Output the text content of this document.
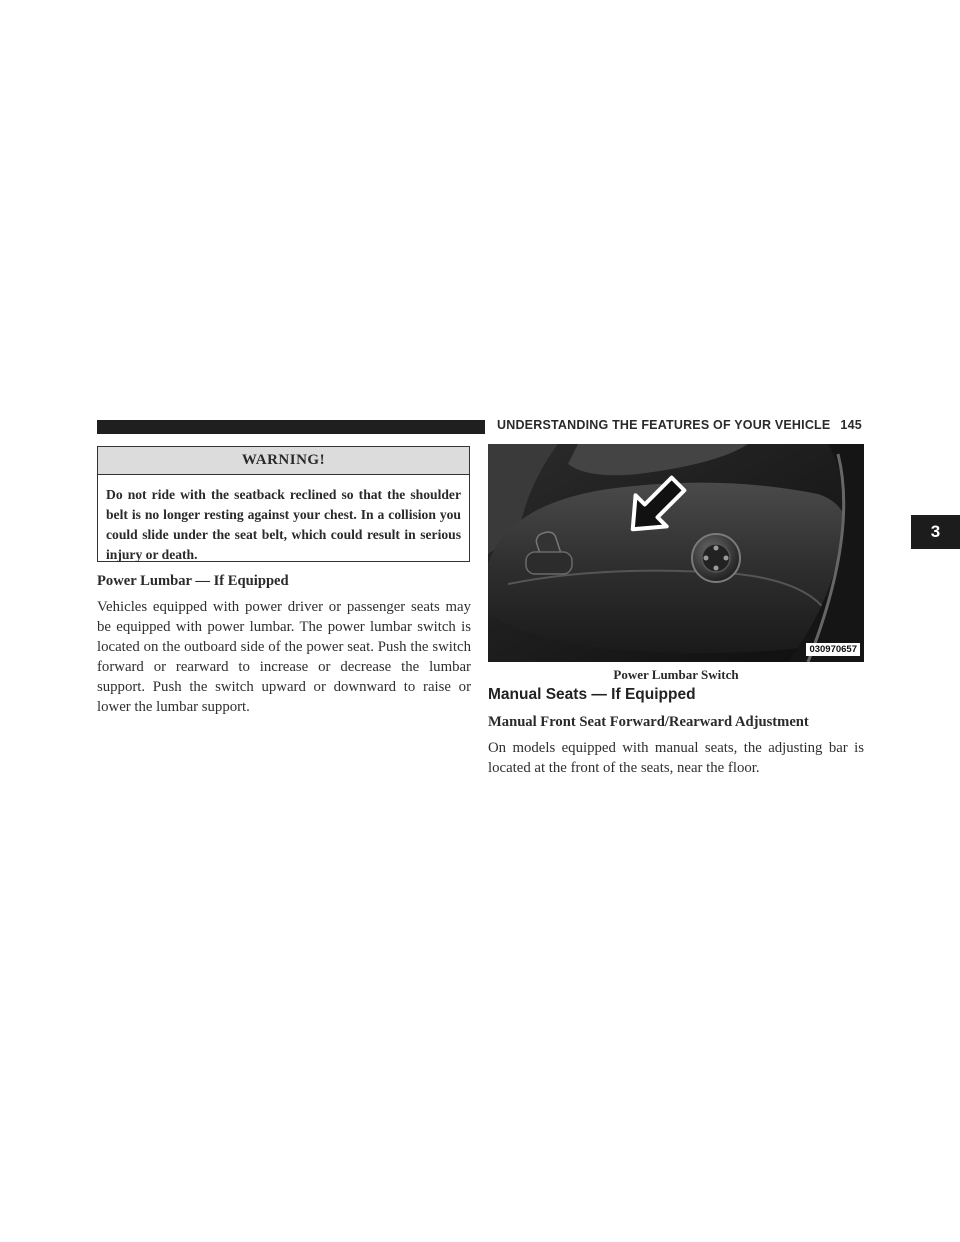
UNDERSTANDING THE FEATURES OF YOUR VEHICLE 145
3
WARNING!
Do not ride with the seatback reclined so that the shoulder belt is no longer resting against your chest. In a collision you could slide under the seat belt, which could result in serious injury or death.
Power Lumbar — If Equipped
Vehicles equipped with power driver or passenger seats may be equipped with power lumbar. The power lumbar switch is located on the outboard side of the power seat. Push the switch forward or rearward to increase or decrease the lumbar support. Push the switch upward or downward to raise or lower the lumbar support.
030970657
Power Lumbar Switch
Manual Seats — If Equipped
Manual Front Seat Forward/Rearward Adjustment
On models equipped with manual seats, the adjusting bar is located at the front of the seats, near the floor.
